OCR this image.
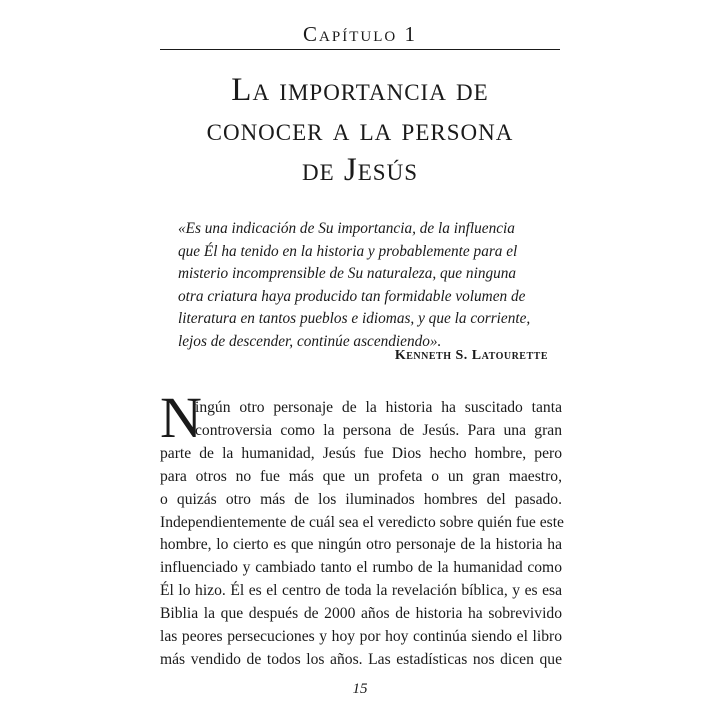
Capítulo 1
La importancia de
conocer a la persona
de Jesús
«Es una indicación de Su importancia, de la influencia
que Él ha tenido en la historia y probablemente para el
misterio incomprensible de Su naturaleza, que ninguna
otra criatura haya producido tan formidable volumen de
literatura en tantos pueblos e idiomas, y que la corriente,
lejos de descender, continúe ascendiendo».
Kenneth S. Latourette
N
ingún otro personaje de la historia ha suscitado tanta
controversia como la persona de Jesús. Para una gran
parte de la humanidad, Jesús fue Dios hecho hombre, pero
para otros no fue más que un profeta o un gran maestro,
o quizás otro más de los iluminados hombres del pasado.
Independientemente de cuál sea el veredicto sobre quién fue este
hombre, lo cierto es que ningún otro personaje de la historia ha
influenciado y cambiado tanto el rumbo de la humanidad como
Él lo hizo. Él es el centro de toda la revelación bíblica, y es esa
Biblia la que después de 2000 años de historia ha sobrevivido
las peores persecuciones y hoy por hoy continúa siendo el libro
más vendido de todos los años. Las estadísticas nos dicen que
15
